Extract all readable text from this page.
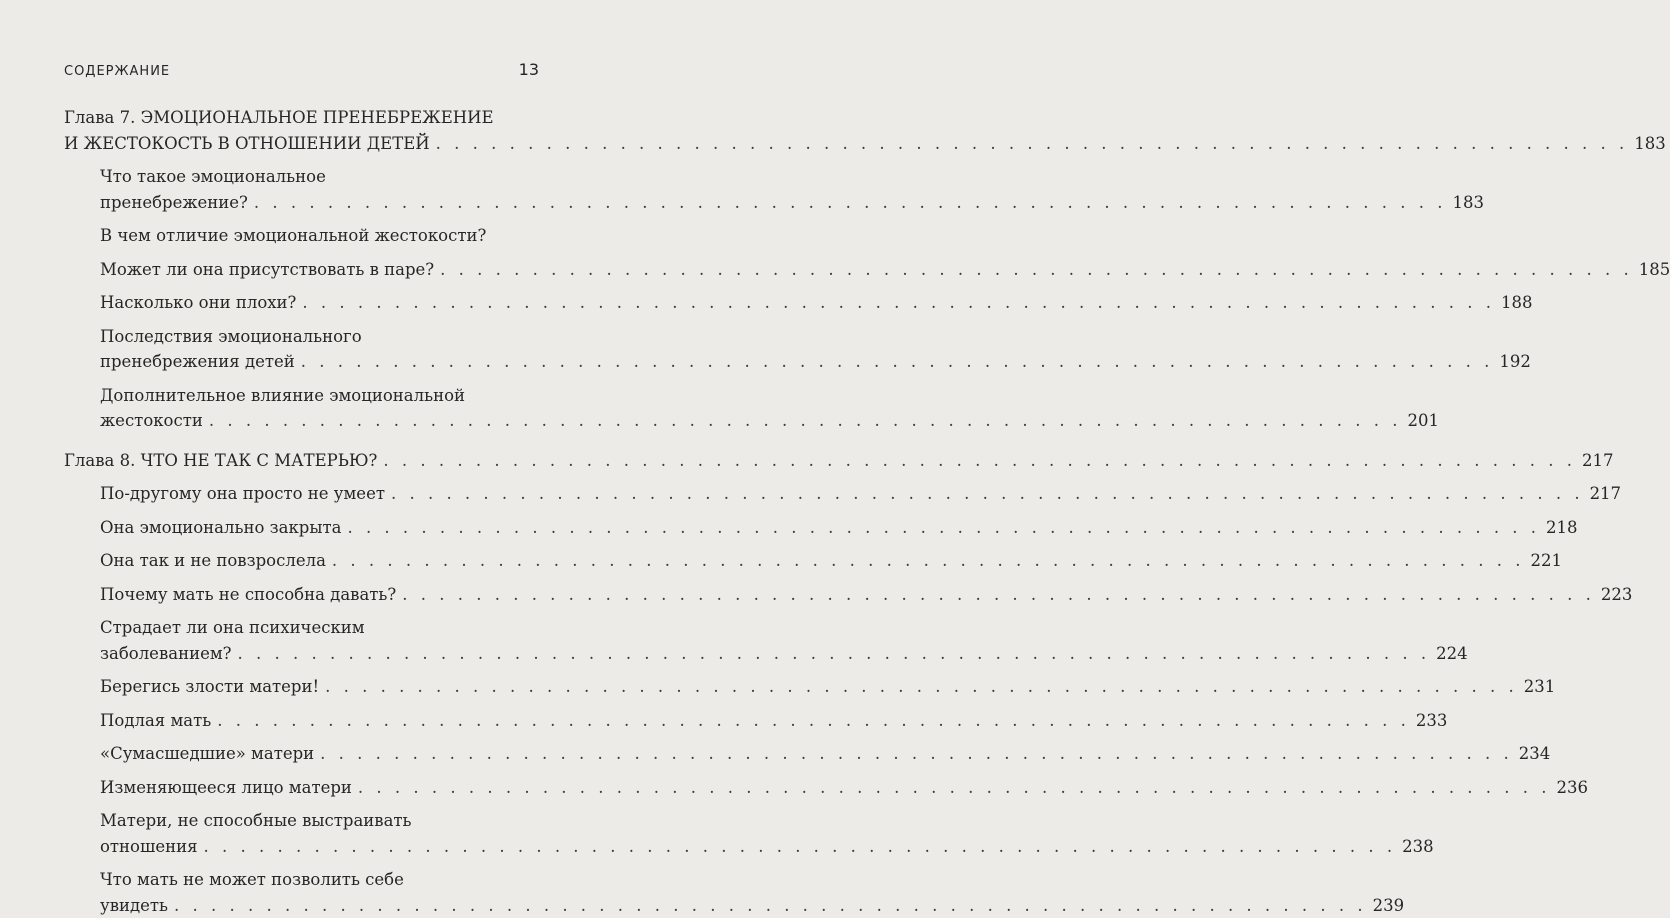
СОДЕРЖАНИЕ	13
Глава 7. ЭМОЦИОНАЛЬНОЕ ПРЕНЕБРЕЖЕНИЕ
И ЖЕСТОКОСТЬ В ОТНОШЕНИИ ДЕТЕЙ . . . . . . . . . . . . . . . . . . . . . . . . . . . . . . . . . . . . . . . . . . . . . . . . . . . . . . . . . . . . . . . . . 183
Что такое эмоциональное
пренебрежение? . . . . . . . . . . . . . . . . . . . . . . . . . . . . . . . . . . . . . . . . . . . . . . . . . . . . . . . . . . . . . . . . . 183
В чем отличие эмоциональной жестокости?
Может ли она присутствовать в паре? . . . . . . . . . . . . . . . . . . . . . . . . . . . . . . . . . . . . . . . . . . . . . . . . . . . . . . . . . . . . . . . . . 185
Насколько они плохи? . . . . . . . . . . . . . . . . . . . . . . . . . . . . . . . . . . . . . . . . . . . . . . . . . . . . . . . . . . . . . . . . . 188
Последствия эмоционального
пренебрежения детей . . . . . . . . . . . . . . . . . . . . . . . . . . . . . . . . . . . . . . . . . . . . . . . . . . . . . . . . . . . . . . . . . 192
Дополнительное влияние эмоциональной
жестокости . . . . . . . . . . . . . . . . . . . . . . . . . . . . . . . . . . . . . . . . . . . . . . . . . . . . . . . . . . . . . . . . . 201
Глава 8. ЧТО НЕ ТАК С МАТЕРЬЮ? . . . . . . . . . . . . . . . . . . . . . . . . . . . . . . . . . . . . . . . . . . . . . . . . . . . . . . . . . . . . . . . . . 217
По-другому она просто не умеет . . . . . . . . . . . . . . . . . . . . . . . . . . . . . . . . . . . . . . . . . . . . . . . . . . . . . . . . . . . . . . . . . 217
Она эмоционально закрыта . . . . . . . . . . . . . . . . . . . . . . . . . . . . . . . . . . . . . . . . . . . . . . . . . . . . . . . . . . . . . . . . . 218
Она так и не повзрослела . . . . . . . . . . . . . . . . . . . . . . . . . . . . . . . . . . . . . . . . . . . . . . . . . . . . . . . . . . . . . . . . . 221
Почему мать не способна давать? . . . . . . . . . . . . . . . . . . . . . . . . . . . . . . . . . . . . . . . . . . . . . . . . . . . . . . . . . . . . . . . . . 223
Страдает ли она психическим
заболеванием? . . . . . . . . . . . . . . . . . . . . . . . . . . . . . . . . . . . . . . . . . . . . . . . . . . . . . . . . . . . . . . . . . 224
Берегись злости матери! . . . . . . . . . . . . . . . . . . . . . . . . . . . . . . . . . . . . . . . . . . . . . . . . . . . . . . . . . . . . . . . . . 231
Подлая мать . . . . . . . . . . . . . . . . . . . . . . . . . . . . . . . . . . . . . . . . . . . . . . . . . . . . . . . . . . . . . . . . . 233
«Сумасшедшие» матери . . . . . . . . . . . . . . . . . . . . . . . . . . . . . . . . . . . . . . . . . . . . . . . . . . . . . . . . . . . . . . . . . 234
Изменяющееся лицо матери . . . . . . . . . . . . . . . . . . . . . . . . . . . . . . . . . . . . . . . . . . . . . . . . . . . . . . . . . . . . . . . . . 236
Матери, не способные выстраивать
отношения . . . . . . . . . . . . . . . . . . . . . . . . . . . . . . . . . . . . . . . . . . . . . . . . . . . . . . . . . . . . . . . . . 238
Что мать не может позволить себе
увидеть . . . . . . . . . . . . . . . . . . . . . . . . . . . . . . . . . . . . . . . . . . . . . . . . . . . . . . . . . . . . . . . . . 239
